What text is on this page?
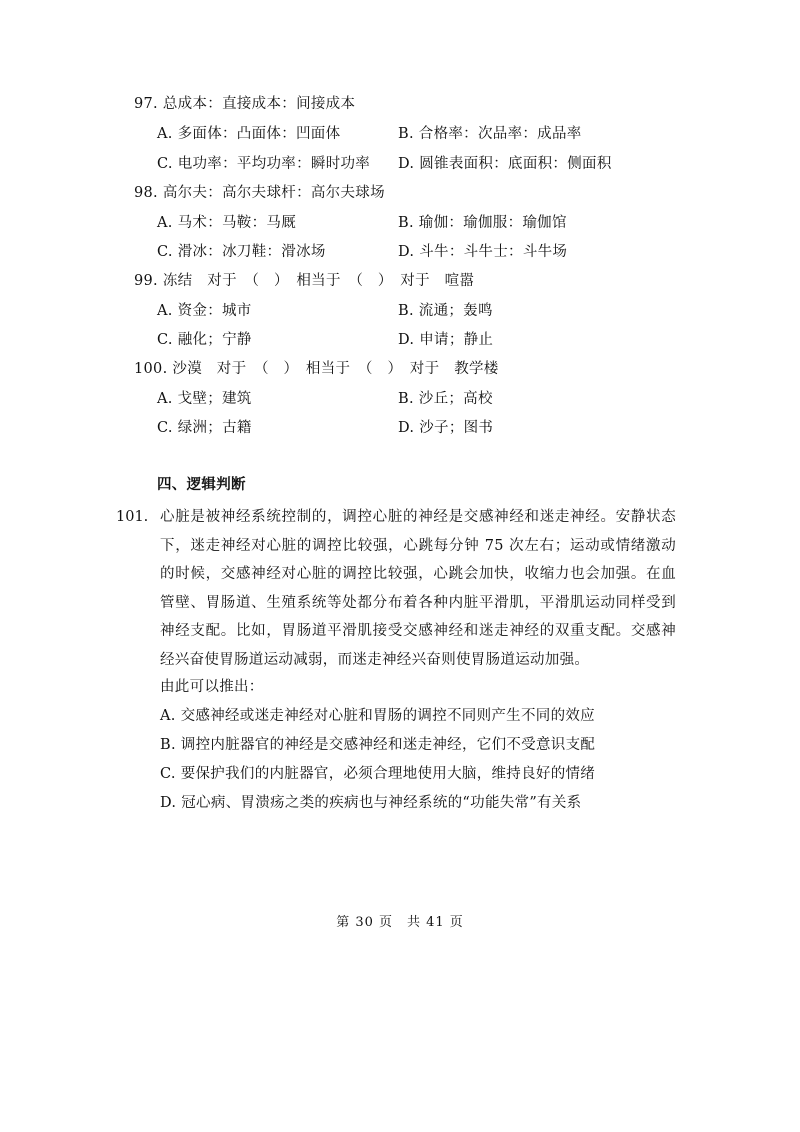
97. 总成本：直接成本：间接成本
A. 多面体：凸面体：凹面体	B. 合格率：次品率：成品率
C. 电功率：平均功率：瞬时功率 D. 圆锥表面积：底面积：侧面积
98. 高尔夫：高尔夫球杆：高尔夫球场
A. 马术：马鞍：马厩	B. 瑜伽：瑜伽服：瑜伽馆
C. 滑冰：冰刀鞋：滑冰场	D. 斗牛：斗牛士：斗牛场
99. 冻结　对于　（　）　相当于　（　）　对于　喧嚣
A. 资金：城市	B. 流通；轰鸣
C. 融化；宁静	D. 申请；静止
100. 沙漠　对于　（　）　相当于　（　）　对于　教学楼
A. 戈壁；建筑	B. 沙丘；高校
C. 绿洲；古籍	D. 沙子；图书
四、逻辑判断
101. 心脏是被神经系统控制的，调控心脏的神经是交感神经和迷走神经。安静状态下，迷走神经对心脏的调控比较强，心跳每分钟 75 次左右；运动或情绪激动的时候，交感神经对心脏的调控比较强，心跳会加快，收缩力也会加强。在血管壁、胃肠道、生殖系统等处都分布着各种内脏平滑肌，平滑肌运动同样受到神经支配。比如，胃肠道平滑肌接受交感神经和迷走神经的双重支配。交感神经兴奋使胃肠道运动减弱，而迷走神经兴奋则使胃肠道运动加强。
由此可以推出：
A. 交感神经或迷走神经对心脏和胃肠的调控不同则产生不同的效应
B. 调控内脏器官的神经是交感神经和迷走神经，它们不受意识支配
C. 要保护我们的内脏器官，必须合理地使用大脑，维持良好的情绪
D. 冠心病、胃溃疡之类的疾病也与神经系统的“功能失常”有关系
第 30 页　共 41 页
